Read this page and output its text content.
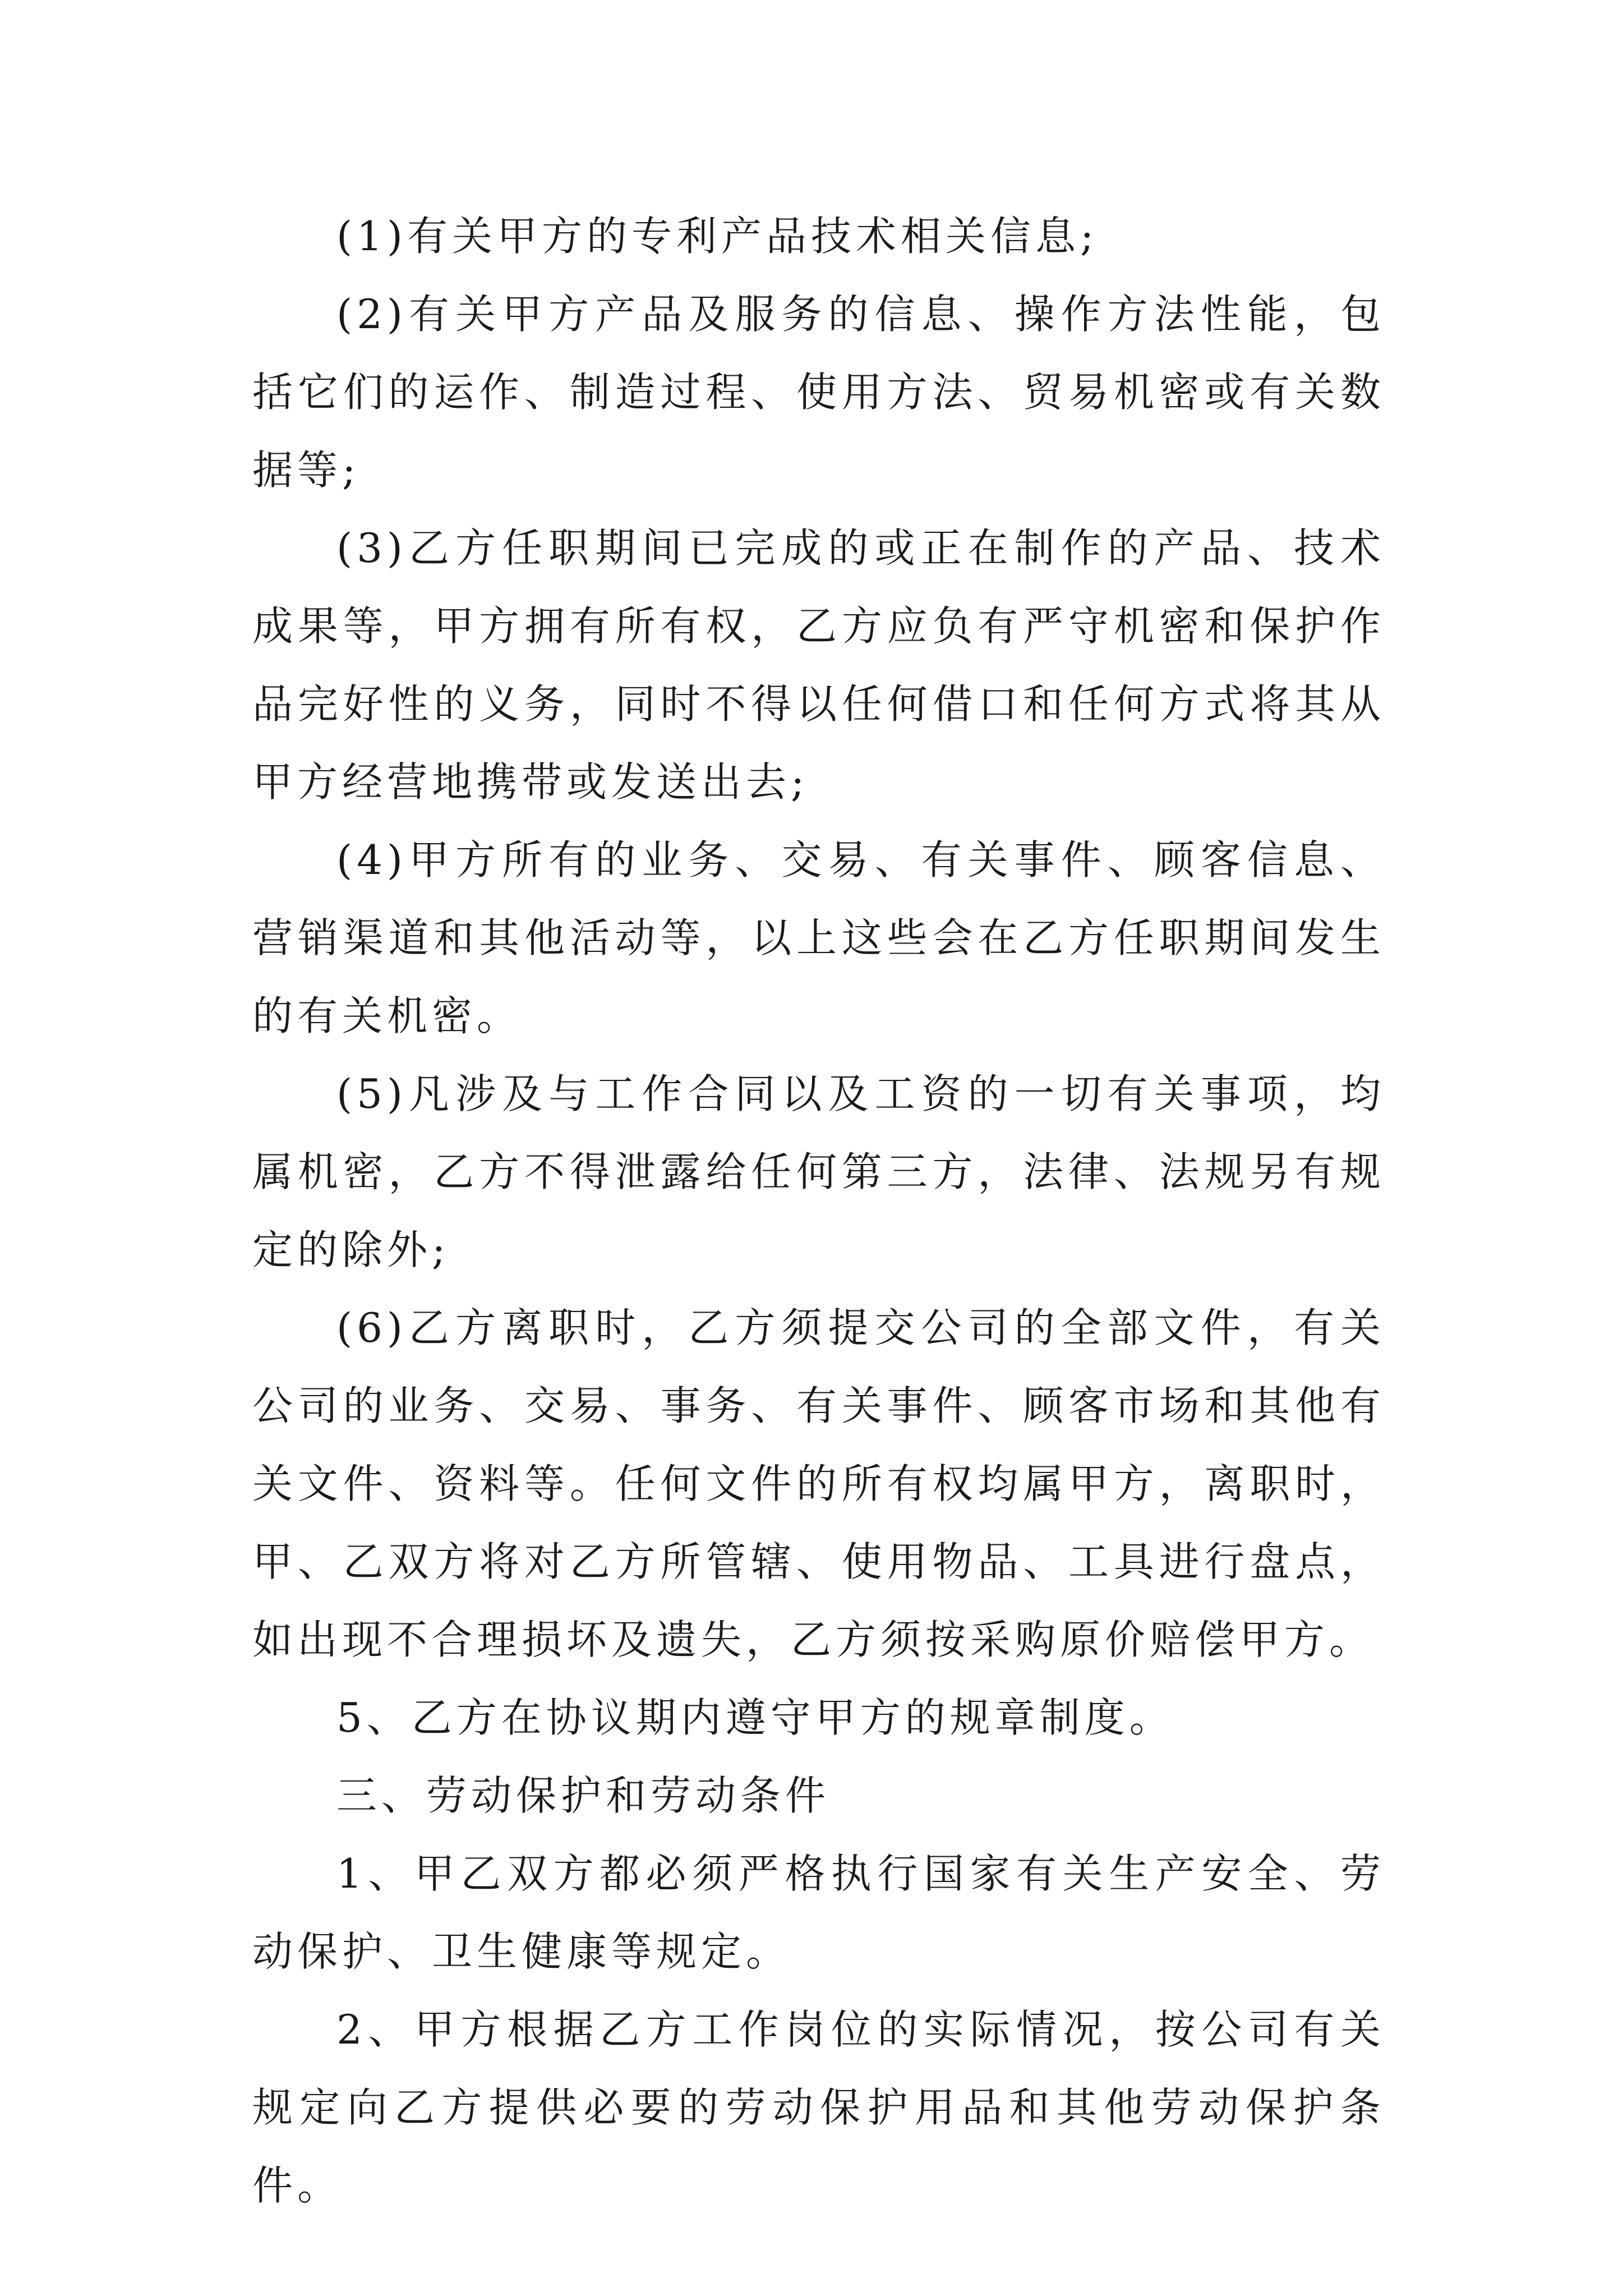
(1)有关甲方的专利产品技术相关信息;

(2)有关甲方产品及服务的信息、操作方法性能，包括它们的运作、制造过程、使用方法、贸易机密或有关数据等;

(3)乙方任职期间已完成的或正在制作的产品、技术成果等，甲方拥有所有权，乙方应负有严守机密和保护作品完好性的义务，同时不得以任何借口和任何方式将其从甲方经营地携带或发送出去;

(4)甲方所有的业务、交易、有关事件、顾客信息、营销渠道和其他活动等，以上这些会在乙方任职期间发生的有关机密。

(5)凡涉及与工作合同以及工资的一切有关事项，均属机密，乙方不得泄露给任何第三方，法律、法规另有规定的除外;

(6)乙方离职时，乙方须提交公司的全部文件，有关公司的业务、交易、事务、有关事件、顾客市场和其他有关文件、资料等。任何文件的所有权均属甲方，离职时，甲、乙双方将对乙方所管辖、使用物品、工具进行盘点，如出现不合理损坏及遗失，乙方须按采购原价赔偿甲方。

5、乙方在协议期内遵守甲方的规章制度。

三、劳动保护和劳动条件

1、甲乙双方都必须严格执行国家有关生产安全、劳动保护、卫生健康等规定。

2、甲方根据乙方工作岗位的实际情况，按公司有关规定向乙方提供必要的劳动保护用品和其他劳动保护条件。
